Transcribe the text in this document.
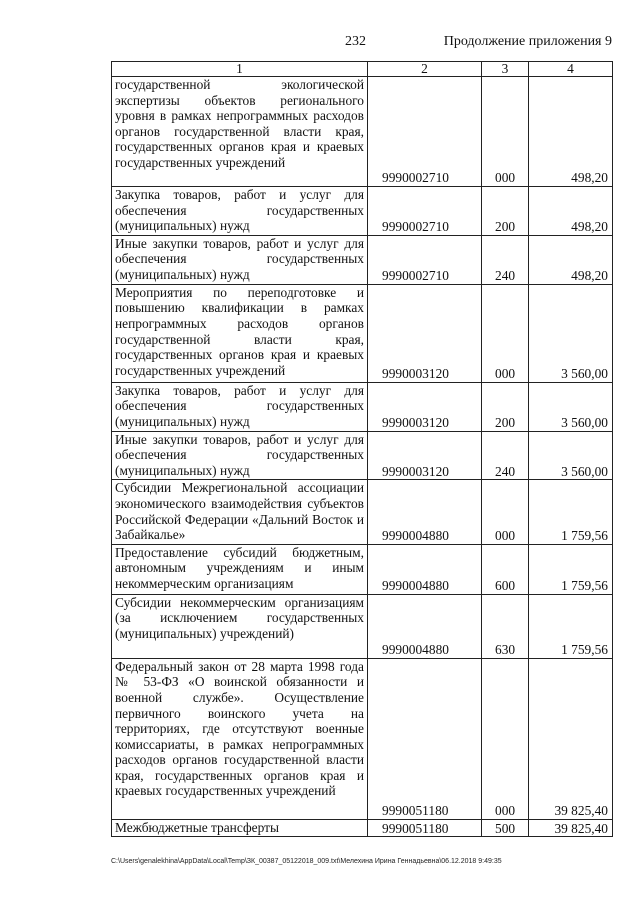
232	Продолжение приложения 9
1	2	3	4
государственной экологической экспертизы объектов регионального уровня в рамках непрограммных расходов органов государственной власти края, государственных органов края и краевых государственных учреждений	9990002710	000	498,20
Закупка товаров, работ и услуг для обеспечения государственных (муниципальных) нужд	9990002710	200	498,20
Иные закупки товаров, работ и услуг для обеспечения государственных (муниципальных) нужд	9990002710	240	498,20
Мероприятия по переподготовке и повышению квалификации в рамках непрограммных расходов органов государственной власти края, государственных органов края и краевых государственных учреждений	9990003120	000	3 560,00
Закупка товаров, работ и услуг для обеспечения государственных (муниципальных) нужд	9990003120	200	3 560,00
Иные закупки товаров, работ и услуг для обеспечения государственных (муниципальных) нужд	9990003120	240	3 560,00
Субсидии Межрегиональной ассоциации экономического взаимодействия субъектов Российской Федерации «Дальний Восток и Забайкалье»	9990004880	000	1 759,56
Предоставление субсидий бюджетным, автономным учреждениям и иным некоммерческим организациям	9990004880	600	1 759,56
Субсидии некоммерческим организациям (за исключением государственных (муниципальных) учреждений)	9990004880	630	1 759,56
Федеральный закон от 28 марта 1998 года № 53-ФЗ «О воинской обязанности и военной службе». Осуществление первичного воинского учета на территориях, где отсутствуют военные комиссариаты, в рамках непрограммных расходов органов государственной власти края, государственных органов края и краевых государственных учреждений	9990051180	000	39 825,40
Межбюджетные трансферты	9990051180	500	39 825,40
C:\Users\genalekhina\AppData\Local\Temp\ЗК_00387_05122018_009.txt\Мелехина Ирина Геннадьевна\06.12.2018 9:49:35
